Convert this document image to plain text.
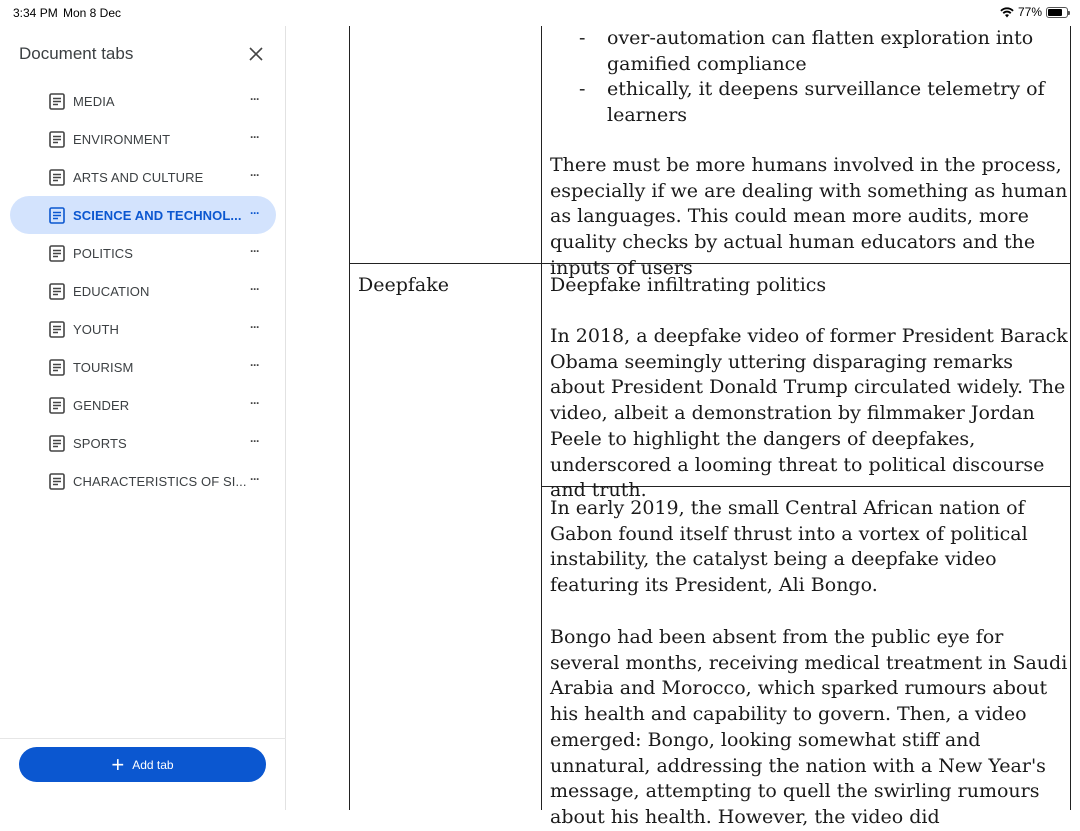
3:34 PM Mon 8 Dec	77%
Document tabs
MEDIA	···
ENVIRONMENT	···
ARTS AND CULTURE	···
SCIENCE AND TECHNOL... ···
POLITICS	···
EDUCATION	···
YOUTH	···
TOURISM	···
GENDER	···
SPORTS	···
CHARACTERISTICS OF SI... ···
+ Add tab
- over-automation can flatten exploration into gamified compliance
- ethically, it deepens surveillance telemetry of learners
There must be more humans involved in the process, especially if we are dealing with something as human as languages. This could mean more audits, more quality checks by actual human educators and the inputs of users
Deepfake	Deepfake infiltrating politics
In 2018, a deepfake video of former President Barack Obama seemingly uttering disparaging remarks about President Donald Trump circulated widely. The video, albeit a demonstration by filmmaker Jordan Peele to highlight the dangers of deepfakes, underscored a looming threat to political discourse and truth.
In early 2019, the small Central African nation of Gabon found itself thrust into a vortex of political instability, the catalyst being a deepfake video featuring its President, Ali Bongo.
Bongo had been absent from the public eye for several months, receiving medical treatment in Saudi Arabia and Morocco, which sparked rumours about his health and capability to govern. Then, a video emerged: Bongo, looking somewhat stiff and unnatural, addressing the nation with a New Year's message, attempting to quell the swirling rumours about his health. However, the video did
